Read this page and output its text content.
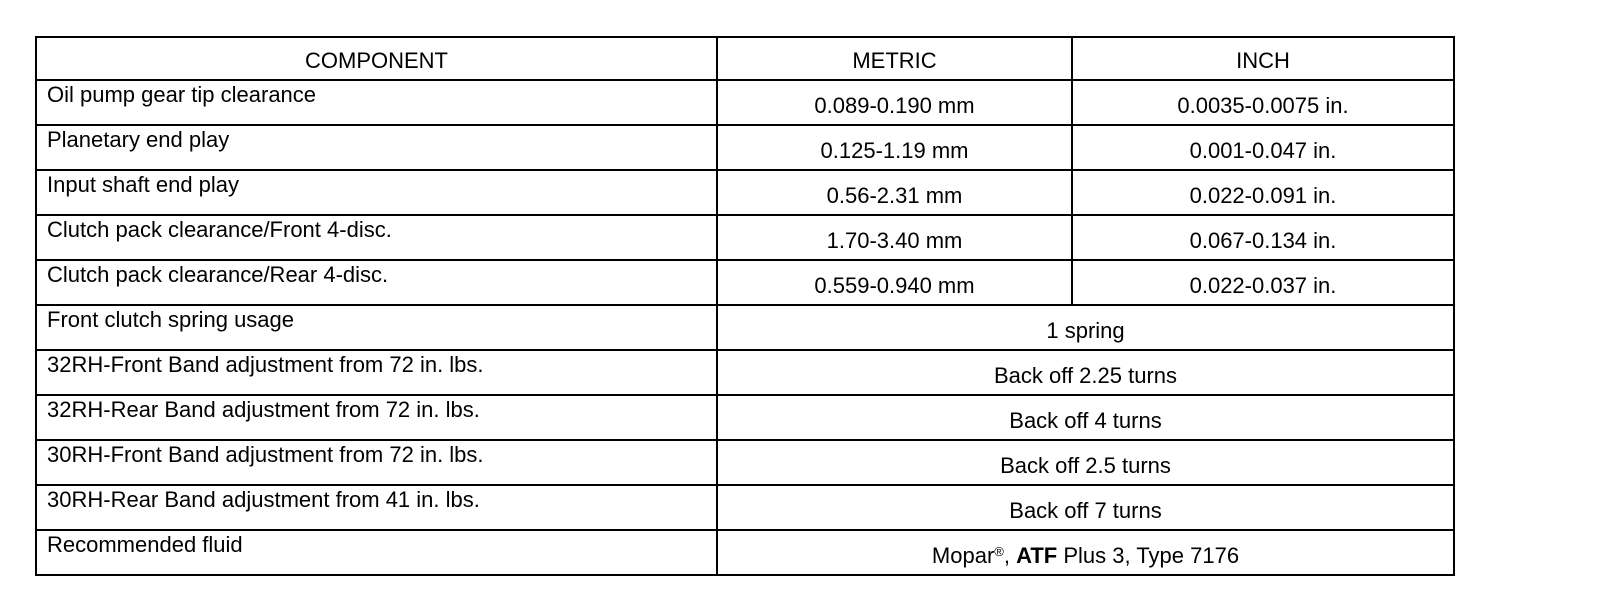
COMPONENT	METRIC	INCH
Oil pump gear tip clearance	0.089-0.190 mm	0.0035-0.0075 in.
Planetary end play	0.125-1.19 mm	0.001-0.047 in.
Input shaft end play	0.56-2.31 mm	0.022-0.091 in.
Clutch pack clearance/Front 4-disc.	1.70-3.40 mm	0.067-0.134 in.
Clutch pack clearance/Rear 4-disc.	0.559-0.940 mm	0.022-0.037 in.
Front clutch spring usage	1 spring	
32RH-Front Band adjustment from 72 in. lbs.	Back off 2.25 turns	
32RH-Rear Band adjustment from 72 in. lbs.	Back off 4 turns	
30RH-Front Band adjustment from 72 in. lbs.	Back off 2.5 turns	
30RH-Rear Band adjustment from 41 in. lbs.	Back off 7 turns	
Recommended fluid	Mopar®, ATF Plus 3, Type 7176	
